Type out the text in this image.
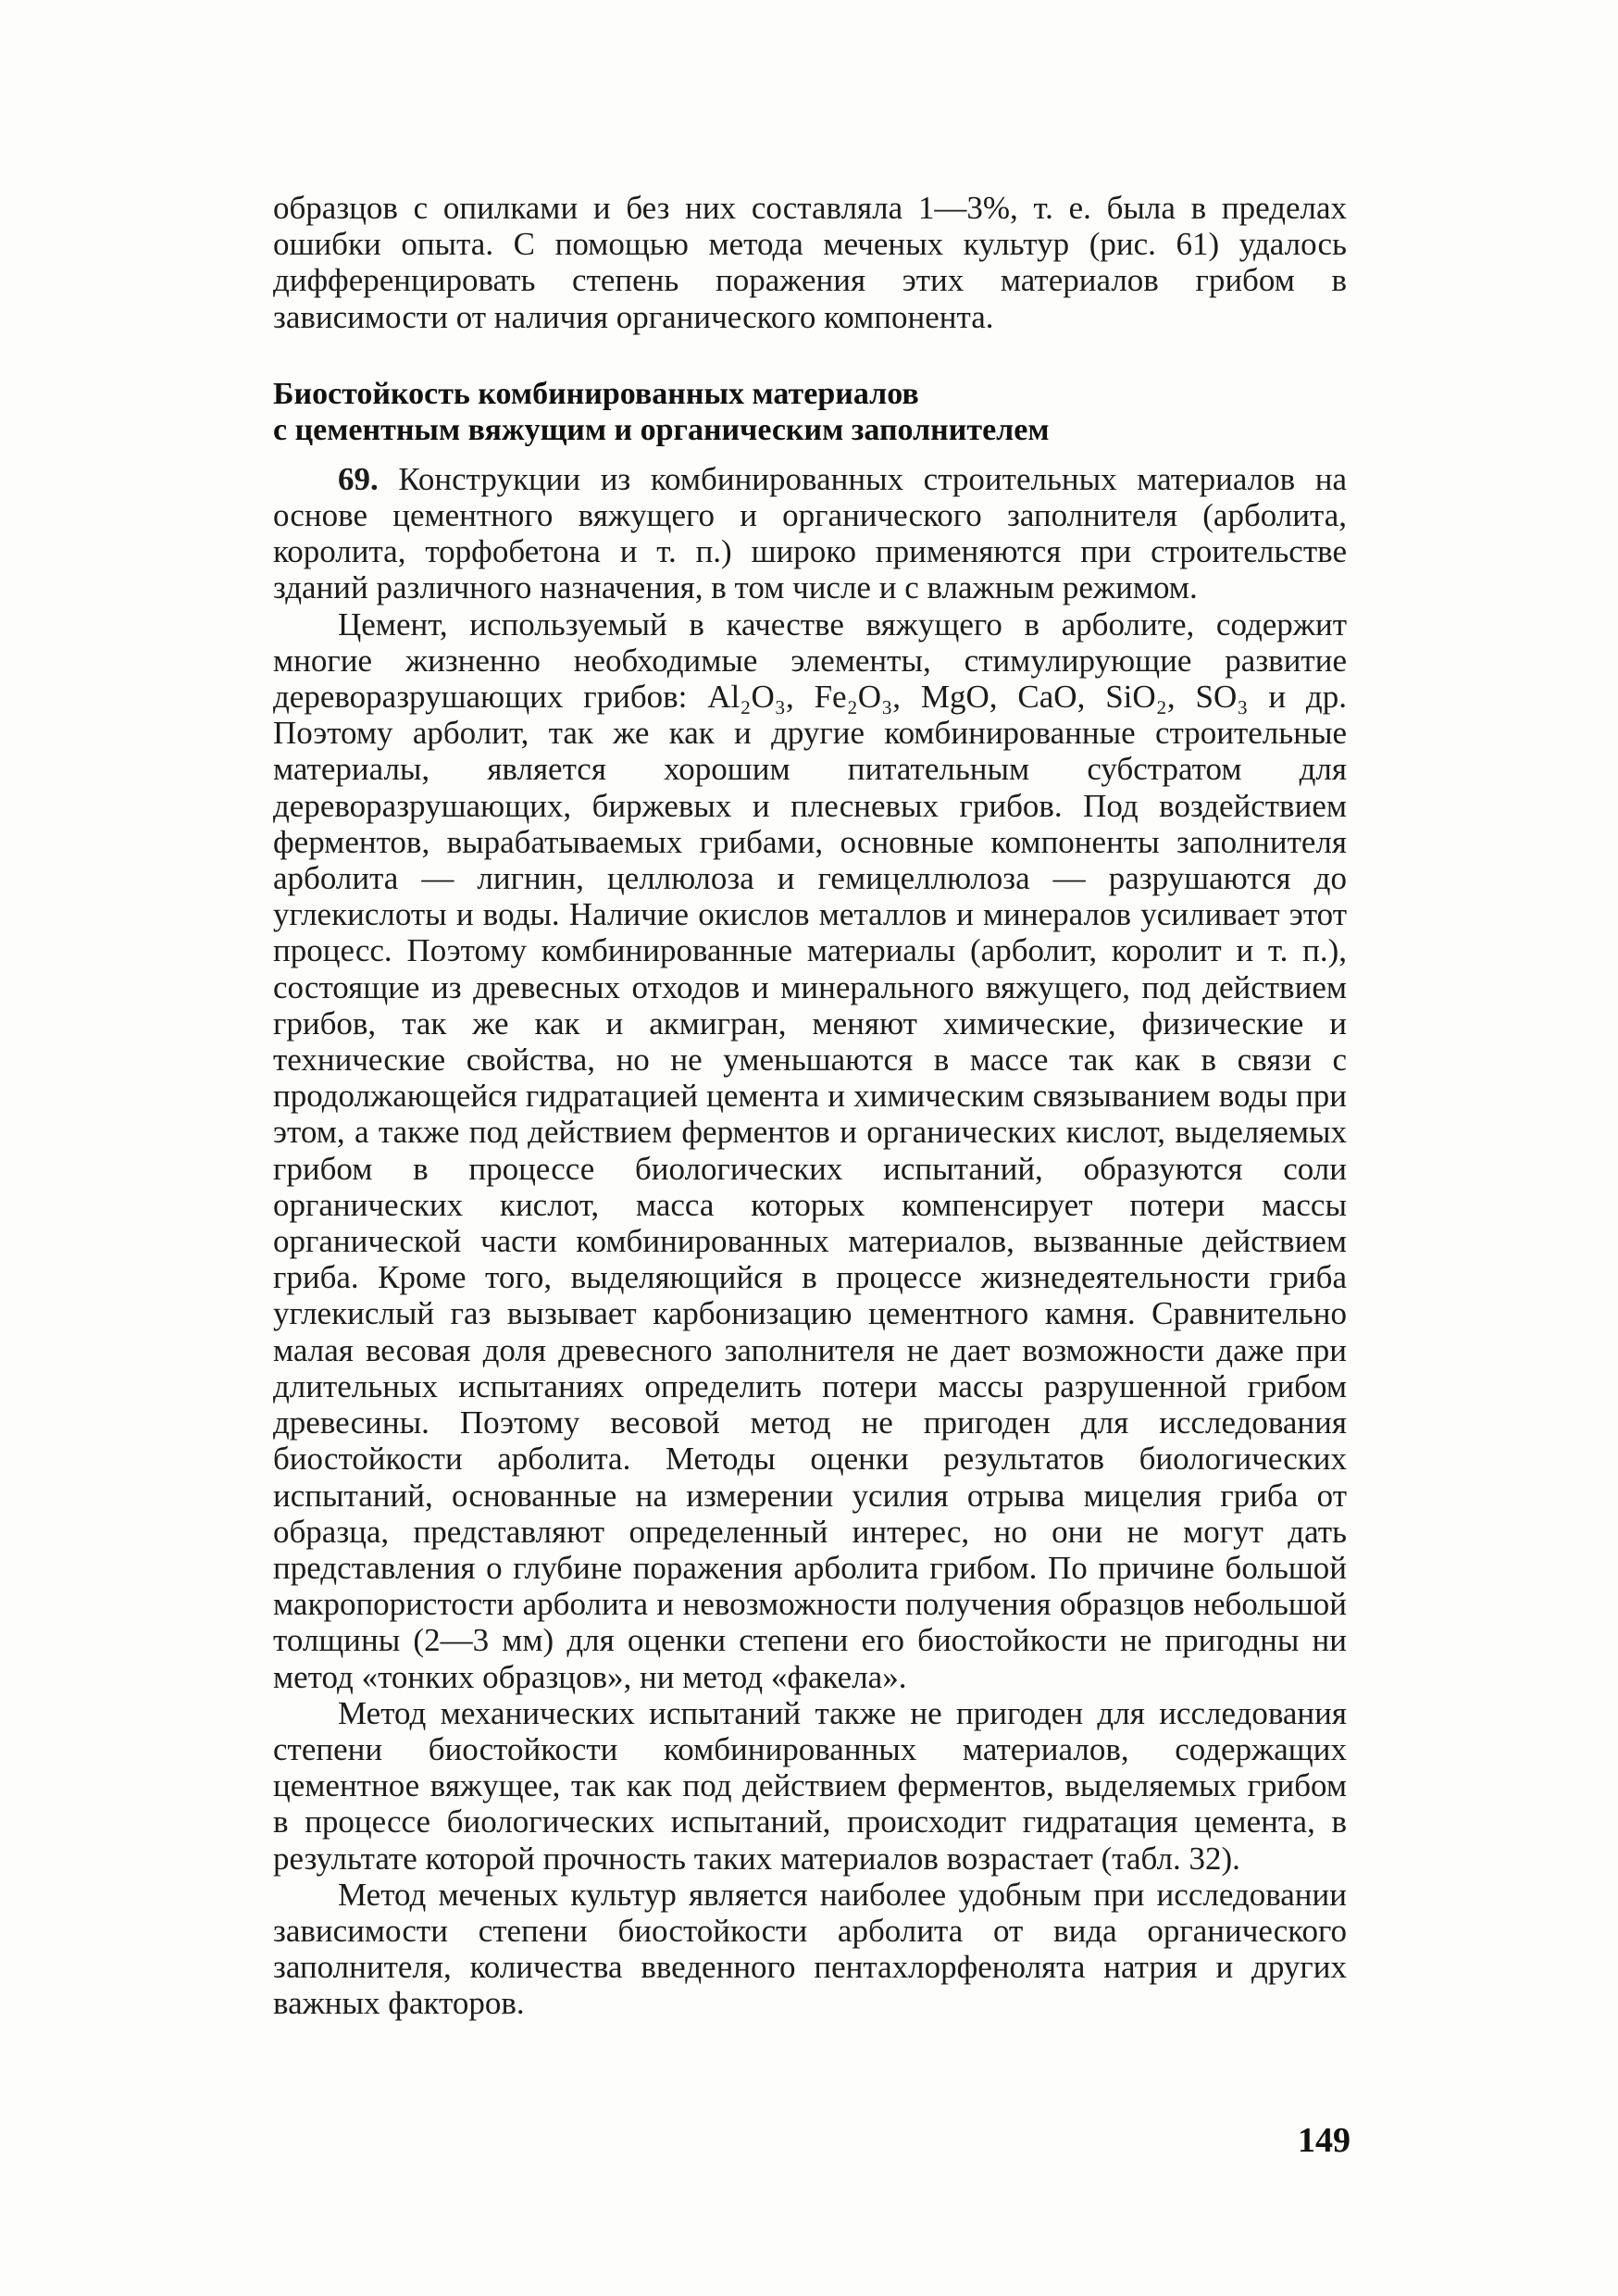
образцов с опилками и без них составляла 1—3%, т. е. была в пределах ошибки опыта. С помощью метода меченых культур (рис. 61) удалось дифференцировать степень поражения этих материалов грибом в зависимости от наличия органического компонента.

Биостойкость комбинированных материалов
с цементным вяжущим и органическим заполнителем

69. Конструкции из комбинированных строительных материалов на основе цементного вяжущего и органического заполнителя (арболита, королита, торфобетона и т. п.) широко применяются при строительстве зданий различного назначения, в том числе и с влажным режимом.

Цемент, используемый в качестве вяжущего в арболите, содержит многие жизненно необходимые элементы, стимулирующие развитие дереворазрушающих грибов: Al₂O₃, Fe₂O₃, MgO, CaO, SiO₂, SO₃ и др. Поэтому арболит, так же как и другие комбинированные строительные материалы, является хорошим питательным субстратом для дереворазрушающих, биржевых и плесневых грибов. Под воздействием ферментов, вырабатываемых грибами, основные компоненты заполнителя арболита — лигнин, целлюлоза и гемицеллюлоза — разрушаются до углекислоты и воды. Наличие окислов металлов и минералов усиливает этот процесс. Поэтому комбинированные материалы (арболит, королит и т. п.), состоящие из древесных отходов и минерального вяжущего, под действием грибов, так же как и акмигран, меняют химические, физические и технические свойства, но не уменьшаются в массе так как в связи с продолжающейся гидратацией цемента и химическим связыванием воды при этом, а также под действием ферментов и органических кислот, выделяемых грибом в процессе биологических испытаний, образуются соли органических кислот, масса которых компенсирует потери массы органической части комбинированных материалов, вызванные действием гриба. Кроме того, выделяющийся в процессе жизнедеятельности гриба углекислый газ вызывает карбонизацию цементного камня. Сравнительно малая весовая доля древесного заполнителя не дает возможности даже при длительных испытаниях определить потери массы разрушенной грибом древесины. Поэтому весовой метод не пригоден для исследования биостойкости арболита. Методы оценки результатов биологических испытаний, основанные на измерении усилия отрыва мицелия гриба от образца, представляют определенный интерес, но они не могут дать представления о глубине поражения арболита грибом. По причине большой макропористости арболита и невозможности получения образцов небольшой толщины (2—3 мм) для оценки степени его биостойкости не пригодны ни метод «тонких образцов», ни метод «факела».

Метод механических испытаний также не пригоден для исследования степени биостойкости комбинированных материалов, содержащих цементное вяжущее, так как под действием ферментов, выделяемых грибом в процессе биологических испытаний, происходит гидратация цемента, в результате которой прочность таких материалов возрастает (табл. 32).

Метод меченых культур является наиболее удобным при исследовании зависимости степени биостойкости арболита от вида органического заполнителя, количества введенного пентахлорфенолята натрия и других важных факторов.

149
